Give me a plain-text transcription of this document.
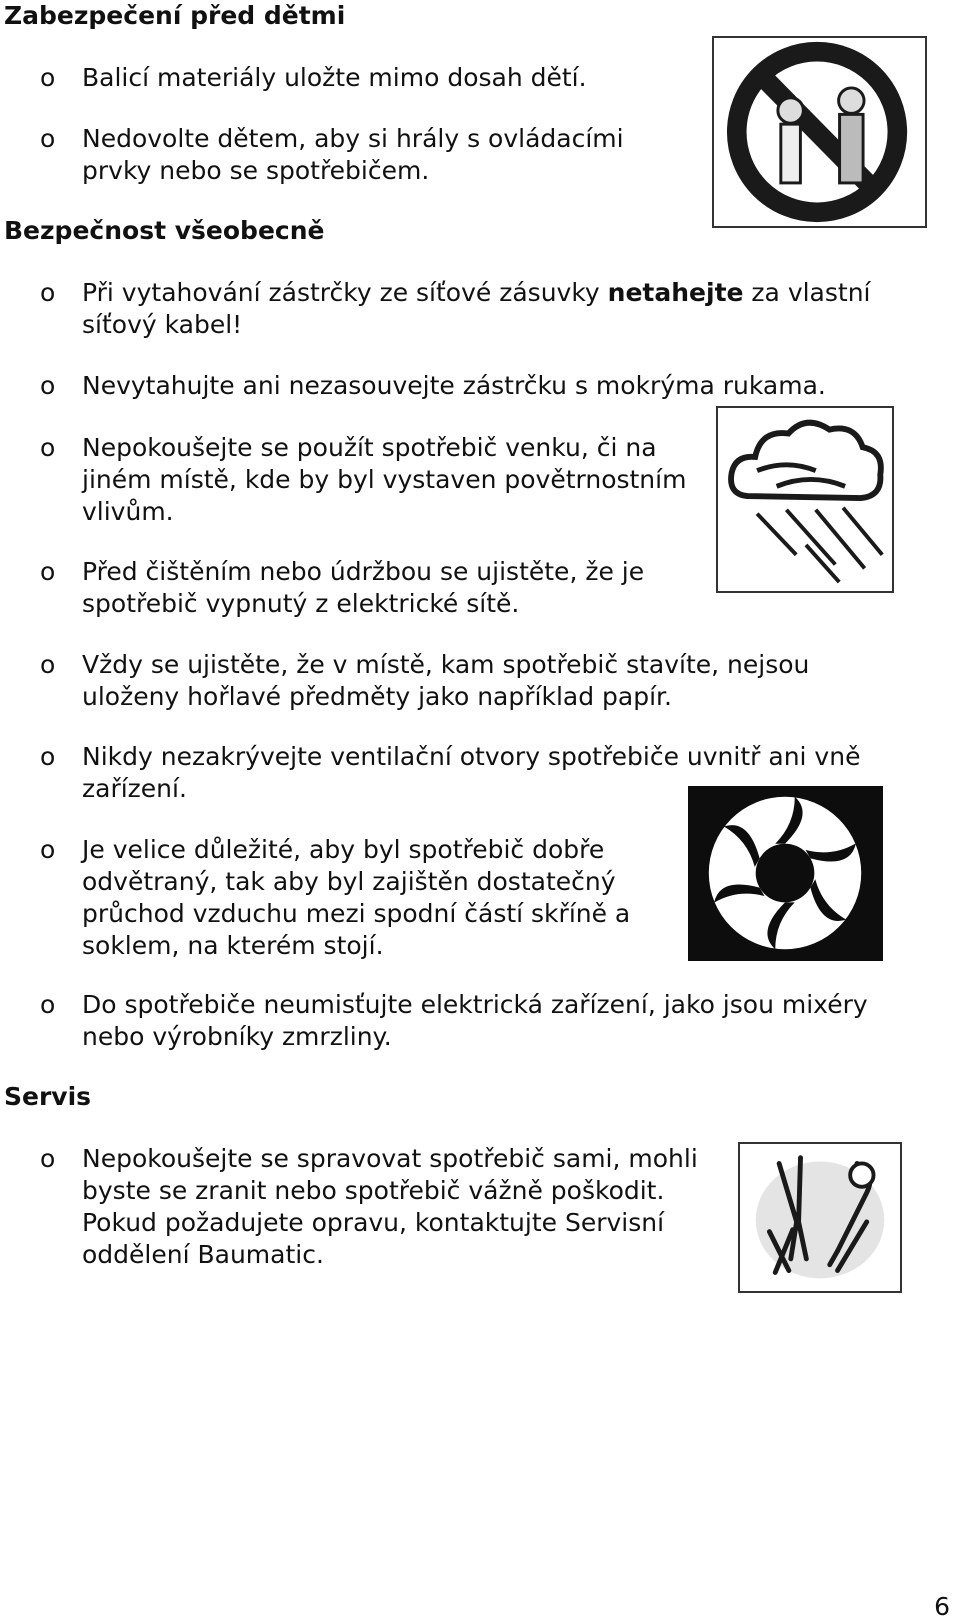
Zabezpečení před dětmi
o Balicí materiály uložte mimo dosah dětí.
o Nedovolte dětem, aby si hrály s ovládacími
prvky nebo se spotřebičem.
Bezpečnost všeobecně
o Při vytahování zástrčky ze síťové zásuvky netahejte za vlastní
síťový kabel!
o Nevytahujte ani nezasouvejte zástrčku s mokrýma rukama.
o Nepokoušejte se použít spotřebič venku, či na
jiném místě, kde by byl vystaven povětrnostním
vlivům.
o Před čištěním nebo údržbou se ujistěte, že je
spotřebič vypnutý z elektrické sítě.
o Vždy se ujistěte, že v místě, kam spotřebič stavíte, nejsou
uloženy hořlavé předměty jako například papír.
o Nikdy nezakrývejte ventilační otvory spotřebiče uvnitř ani vně
zařízení.
o Je velice důležité, aby byl spotřebič dobře
odvětraný, tak aby byl zajištěn dostatečný
průchod vzduchu mezi spodní částí skříně a
soklem, na kterém stojí.
o Do spotřebiče neumisťujte elektrická zařízení, jako jsou mixéry
nebo výrobníky zmrzliny.
Servis
o Nepokoušejte se spravovat spotřebič sami, mohli
byste se zranit nebo spotřebič vážně poškodit.
Pokud požadujete opravu, kontaktujte Servisní
oddělení Baumatic.
6
